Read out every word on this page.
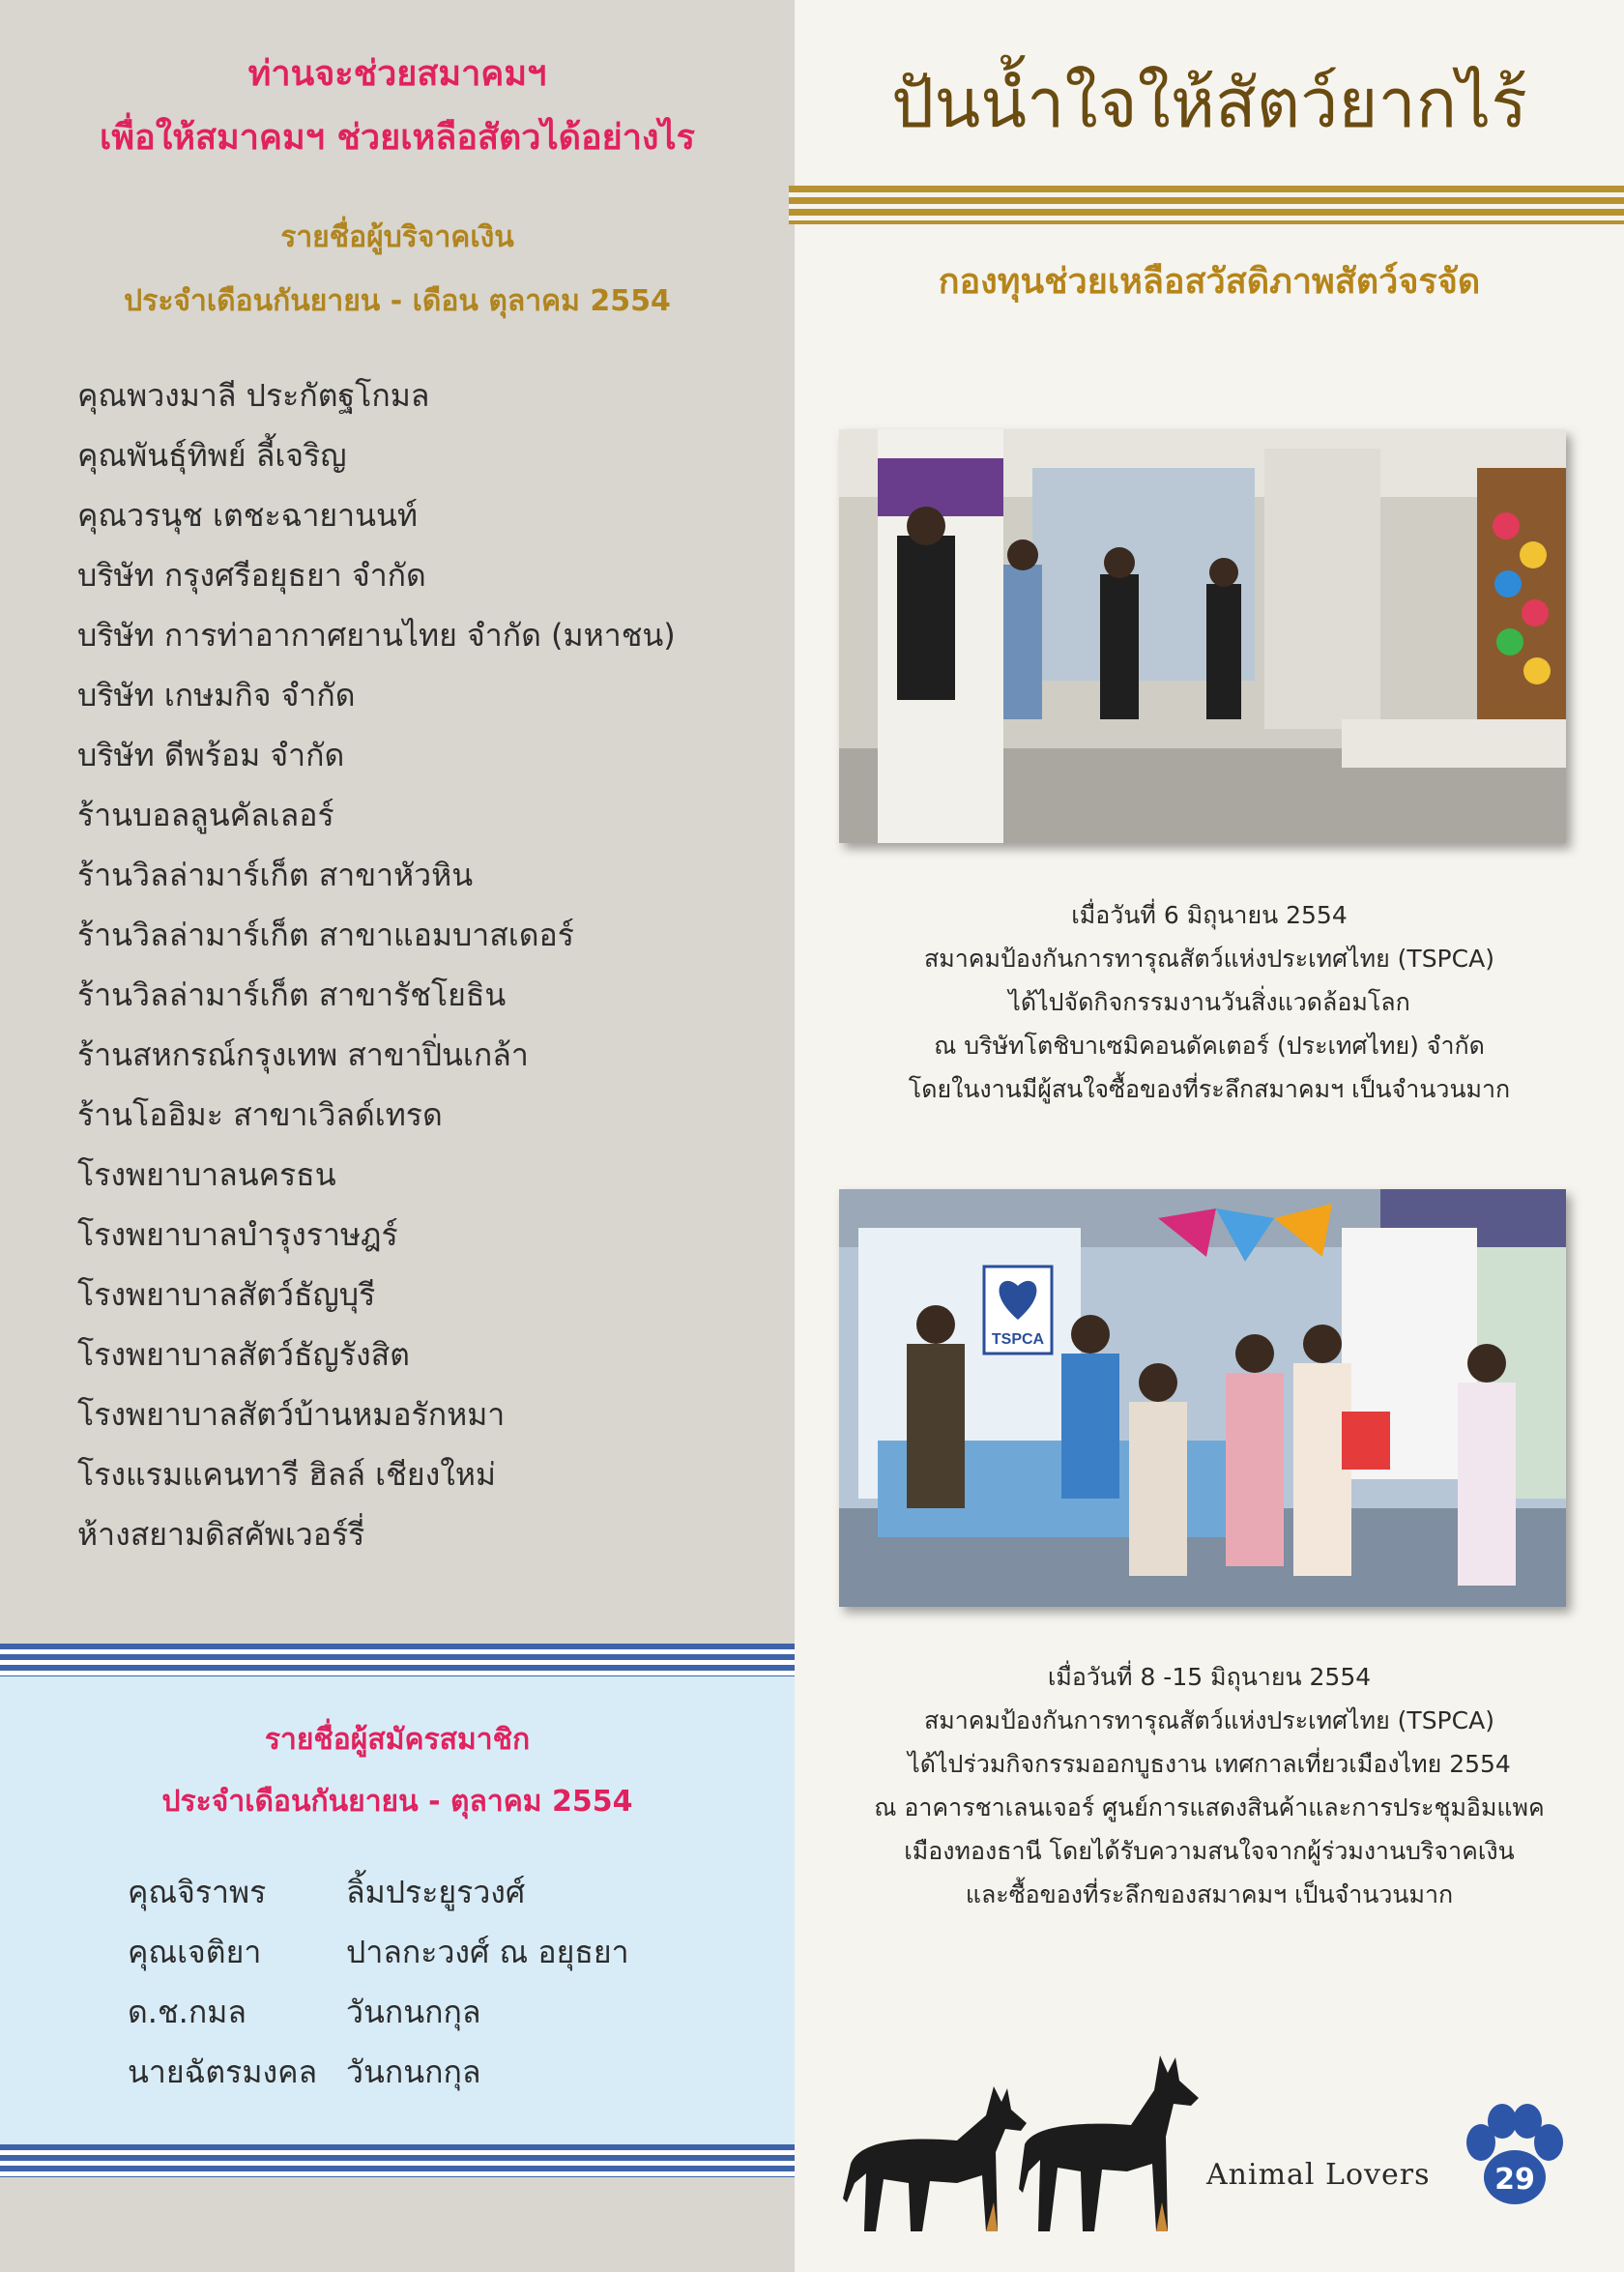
ท่านจะช่วยสมาคมฯ
เพื่อให้สมาคมฯ ช่วยเหลือสัตวได้อย่างไร
รายชื่อผู้บริจาคเงิน
ประจำเดือนกันยายน - เดือน ตุลาคม 2554
คุณพวงมาลี ประกัตฐโกมล
คุณพันธุ์ทิพย์ ลี้เจริญ
คุณวรนุช เตชะฉายานนท์
บริษัท กรุงศรีอยุธยา จำกัด
บริษัท การท่าอากาศยานไทย จำกัด (มหาชน)
บริษัท เกษมกิจ จำกัด
บริษัท ดีพร้อม จำกัด
ร้านบอลลูนคัลเลอร์
ร้านวิลล่ามาร์เก็ต สาขาหัวหิน
ร้านวิลล่ามาร์เก็ต สาขาแอมบาสเดอร์
ร้านวิลล่ามาร์เก็ต สาขารัชโยธิน
ร้านสหกรณ์กรุงเทพ สาขาปิ่นเกล้า
ร้านโออิมะ สาขาเวิลด์เทรด
โรงพยาบาลนครธน
โรงพยาบาลบำรุงราษฎร์
โรงพยาบาลสัตว์ธัญบุรี
โรงพยาบาลสัตว์ธัญรังสิต
โรงพยาบาลสัตว์บ้านหมอรักหมา
โรงแรมแคนทารี ฮิลล์ เชียงใหม่
ห้างสยามดิสคัพเวอร์รี่
รายชื่อผู้สมัครสมาชิก
ประจำเดือนกันยายน - ตุลาคม 2554
คุณจิราพร	ลิ้มประยูรวงศ์
คุณเจติยา	ปาลกะวงศ์ ณ อยุธยา
ด.ช.กมล	วันกนกกุล
นายฉัตรมงคล วันกนกกุล
ปันน้ำใจให้สัตว์ยากไร้
กองทุนช่วยเหลือสวัสดิภาพสัตว์จรจัด
เมื่อวันที่ 6 มิถุนายน 2554
สมาคมป้องกันการทารุณสัตว์แห่งประเทศไทย (TSPCA)
ได้ไปจัดกิจกรรมงานวันสิ่งแวดล้อมโลก
ณ บริษัทโตชิบาเซมิคอนดัคเตอร์ (ประเทศไทย) จำกัด
โดยในงานมีผู้สนใจซื้อของที่ระลึกสมาคมฯ เป็นจำนวนมาก
TSPCA
เมื่อวันที่ 8 -15 มิถุนายน 2554
สมาคมป้องกันการทารุณสัตว์แห่งประเทศไทย (TSPCA)
ได้ไปร่วมกิจกรรมออกบูธงาน เทศกาลเที่ยวเมืองไทย 2554
ณ อาคารชาเลนเจอร์ ศูนย์การแสดงสินค้าและการประชุมอิมแพค
เมืองทองธานี โดยได้รับความสนใจจากผู้ร่วมงานบริจาคเงิน
และซื้อของที่ระลึกของสมาคมฯ เป็นจำนวนมาก
Animal Lovers 29
